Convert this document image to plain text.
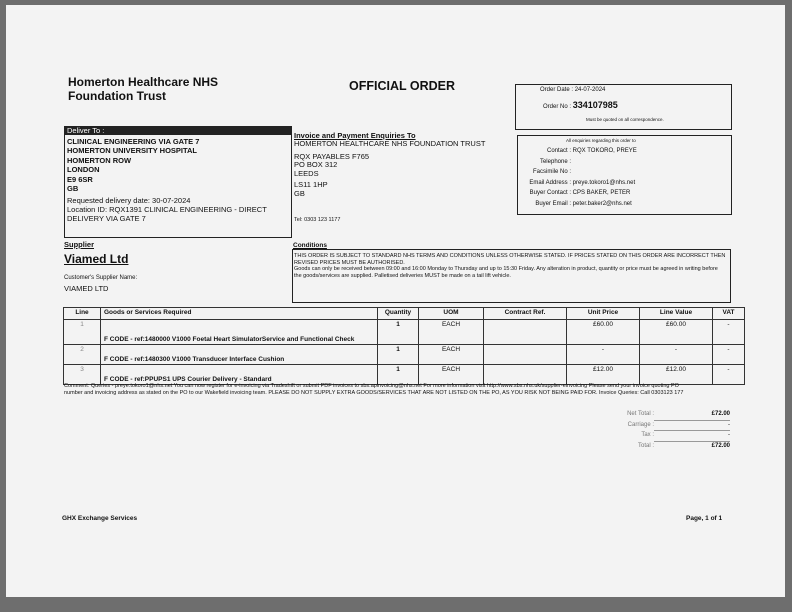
Homerton Healthcare NHS
Foundation Trust
OFFICIAL ORDER	Order Date : 24-07-2024
Order No : 334107985
Must be quoted on all correspondence.
Deliver To :
CLINICAL ENGINEERING VIA GATE 7
HOMERTON UNIVERSITY HOSPITAL
HOMERTON ROW
LONDON
E9 6SR
GB
Requested delivery date: 30-07-2024
Location ID: RQX1391 CLINICAL ENGINEERING - DIRECT DELIVERY VIA GATE 7
Invoice and Payment Enquiries To
HOMERTON HEALTHCARE NHS FOUNDATION TRUST
RQX PAYABLES F765
PO BOX 312
LEEDS
LS11 1HP
GB
Tel: 0303 123 1177
All enquiries regarding this order to
Contact : RQX TOKORO, PREYE
Telephone :
Facsimile No :
Email Address : preye.tokoro1@nhs.net
Buyer Contact : CPS BAKER, PETER
Buyer Email : peter.baker2@nhs.net
Supplier
Viamed Ltd
Customer's Supplier Name:
VIAMED LTD
Conditions
THIS ORDER IS SUBJECT TO STANDARD NHS TERMS AND CONDITIONS UNLESS OTHERWISE STATED. IF PRICES STATED ON THIS ORDER ARE INCORRECT THEN REVISED PRICES MUST BE AUTHORISED.
Goods can only be received between 09:00 and 16:00 Monday to Thursday and up to 15:30 Friday. Any alteration in product, quantity or price must be agreed in writing before the goods/services are supplied. Palletised deliveries MUST be made on a tail lift vehicle.
Line	Goods or Services Required	Quantity	UOM	Contract Ref.	Unit Price	Line Value	VAT
1	F CODE - ref:1480000 V1000 Foetal Heart SimulatorService and Functional Check	1	EACH		£60.00	£60.00	-
2	F CODE - ref:1480300 V1000 Transducer Interface Cushion	1	EACH		-	-	-
3	F CODE - ref:PPUPS1 UPS Courier Delivery - Standard	1	EACH		£12.00	£12.00	-
Comment: Queries - preye.tokoro1@nhs.net You can now register for e-invoicing via Tradeshift or submit PDF invoices to sbs.apinvoicing@nhs.net For more information visit http://www.sbs.nhs.uk/supplier-einvoicing Please send your invoice quoting PO number and invoicing address as stated on the PO to our Wakefield invoicing team. PLEASE DO NOT SUPPLY EXTRA GOODS/SERVICES THAT ARE NOT LISTED ON THE PO, AS YOU RISK NOT BEING PAID FOR. Invoice Queries: Call 0303123 177
Net Total :	£72.00
Carriage :	-
Tax :	-
Total :	£72.00
GHX Exchange Services	Page, 1 of 1
